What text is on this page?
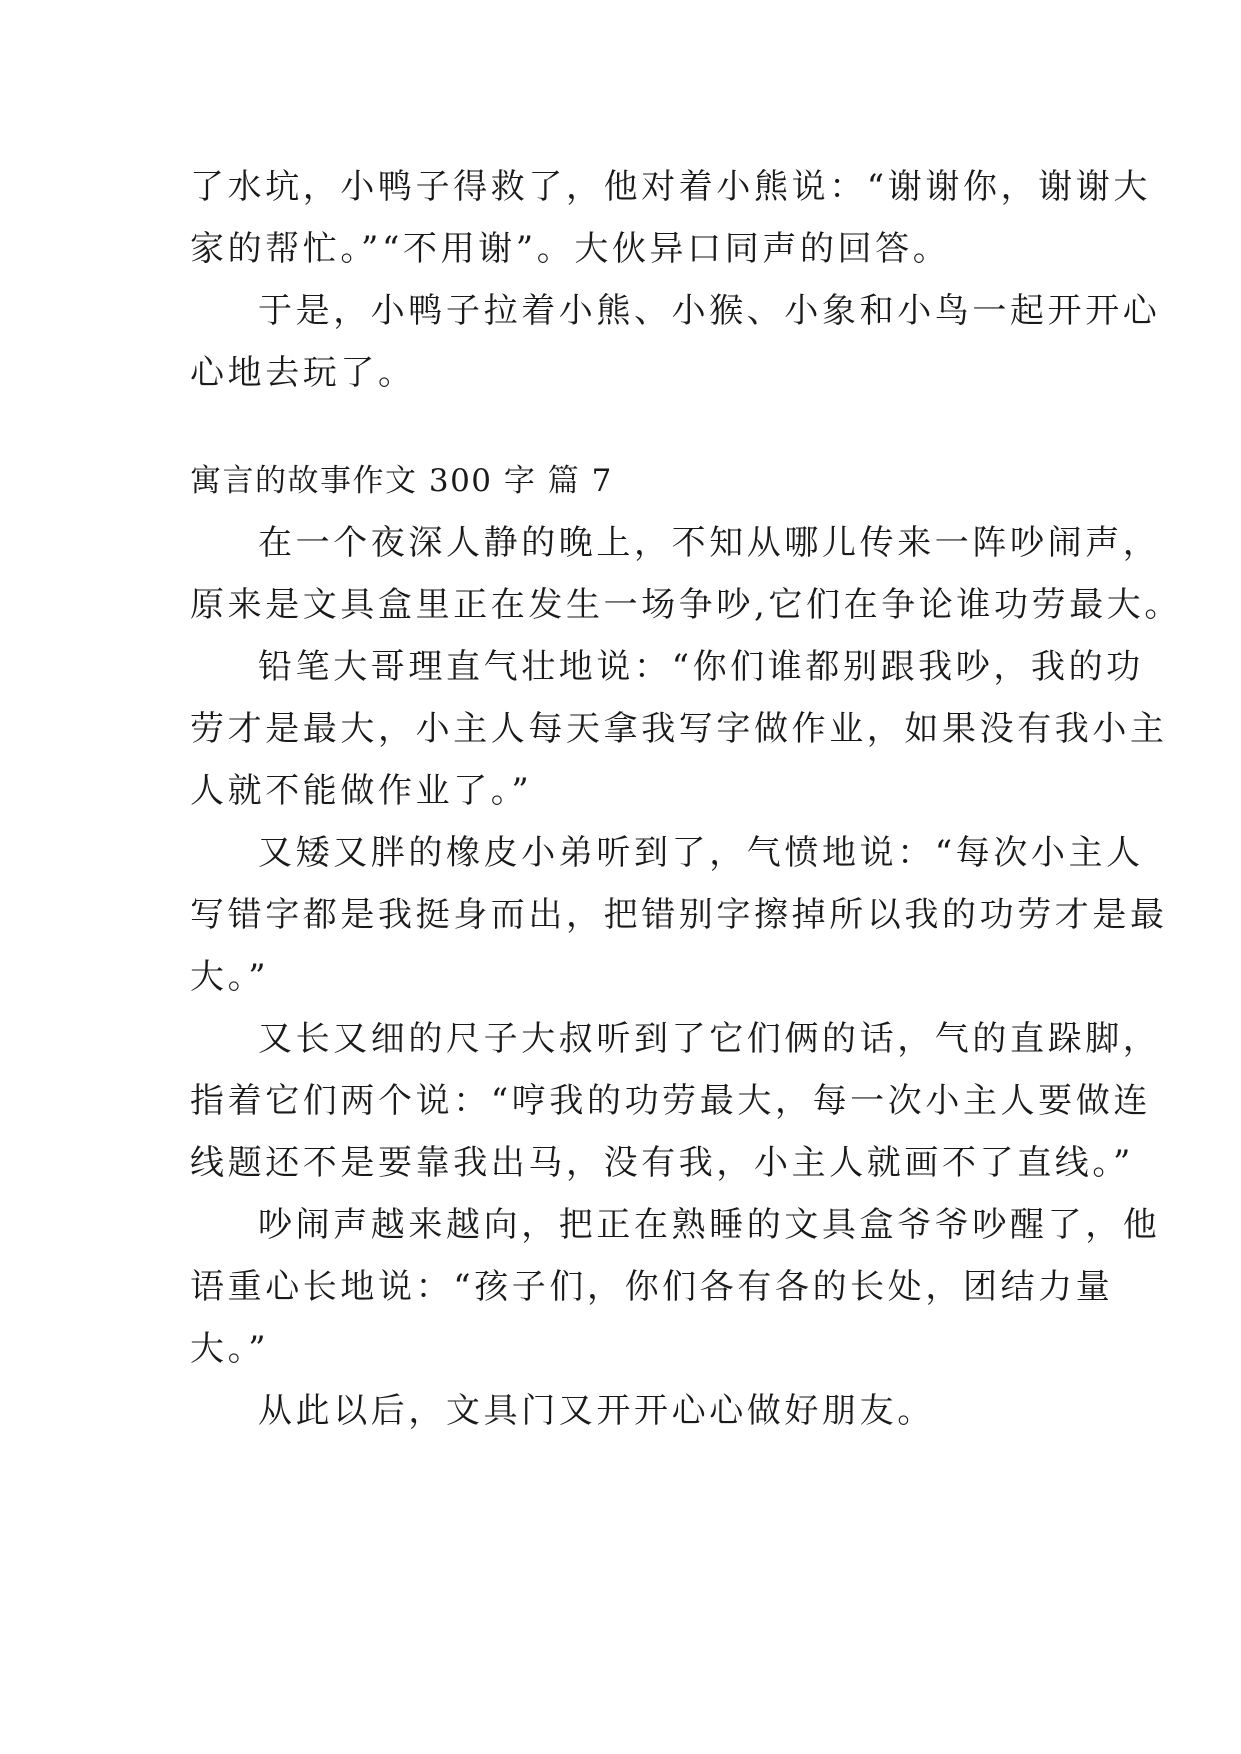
了水坑，小鸭子得救了，他对着小熊说：“谢谢你，谢谢大
家的帮忙。”“不用谢”。大伙异口同声的回答。
于是，小鸭子拉着小熊、小猴、小象和小鸟一起开开心
心地去玩了。
寓言的故事作文 300 字 篇 7
在一个夜深人静的晚上，不知从哪儿传来一阵吵闹声，
原来是文具盒里正在发生一场争吵,它们在争论谁功劳最大。
铅笔大哥理直气壮地说：“你们谁都别跟我吵，我的功
劳才是最大，小主人每天拿我写字做作业，如果没有我小主
人就不能做作业了。”
又矮又胖的橡皮小弟听到了，气愤地说：“每次小主人
写错字都是我挺身而出，把错别字擦掉所以我的功劳才是最
大。”
又长又细的尺子大叔听到了它们俩的话，气的直跺脚，
指着它们两个说：“哼我的功劳最大，每一次小主人要做连
线题还不是要靠我出马，没有我，小主人就画不了直线。”
吵闹声越来越向，把正在熟睡的文具盒爷爷吵醒了，他
语重心长地说：“孩子们，你们各有各的长处，团结力量
大。”
从此以后，文具门又开开心心做好朋友。
